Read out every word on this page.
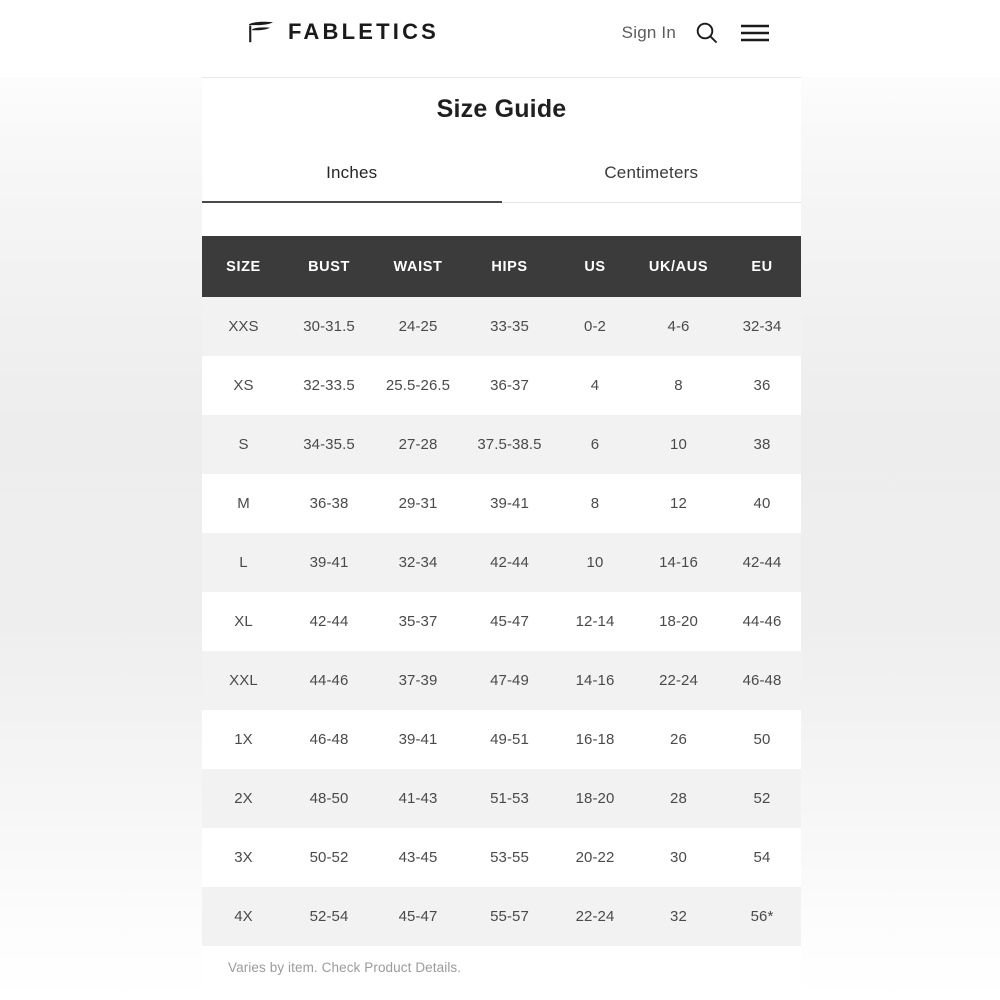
FABLETICS	Sign In
Size Guide
Inches	Centimeters
SIZE	BUST	WAIST	HIPS	US	UK/AUS	EU
XXS	30-31.5	24-25	33-35	0-2	4-6	32-34
XS	32-33.5	25.5-26.5	36-37	4	8	36
S	34-35.5	27-28	37.5-38.5	6	10	38
M	36-38	29-31	39-41	8	12	40
L	39-41	32-34	42-44	10	14-16	42-44
XL	42-44	35-37	45-47	12-14	18-20	44-46
XXL	44-46	37-39	47-49	14-16	22-24	46-48
1X	46-48	39-41	49-51	16-18	26	50
2X	48-50	41-43	51-53	18-20	28	52
3X	50-52	43-45	53-55	20-22	30	54
4X	52-54	45-47	55-57	22-24	32	56*
Varies by item. Check Product Details.
